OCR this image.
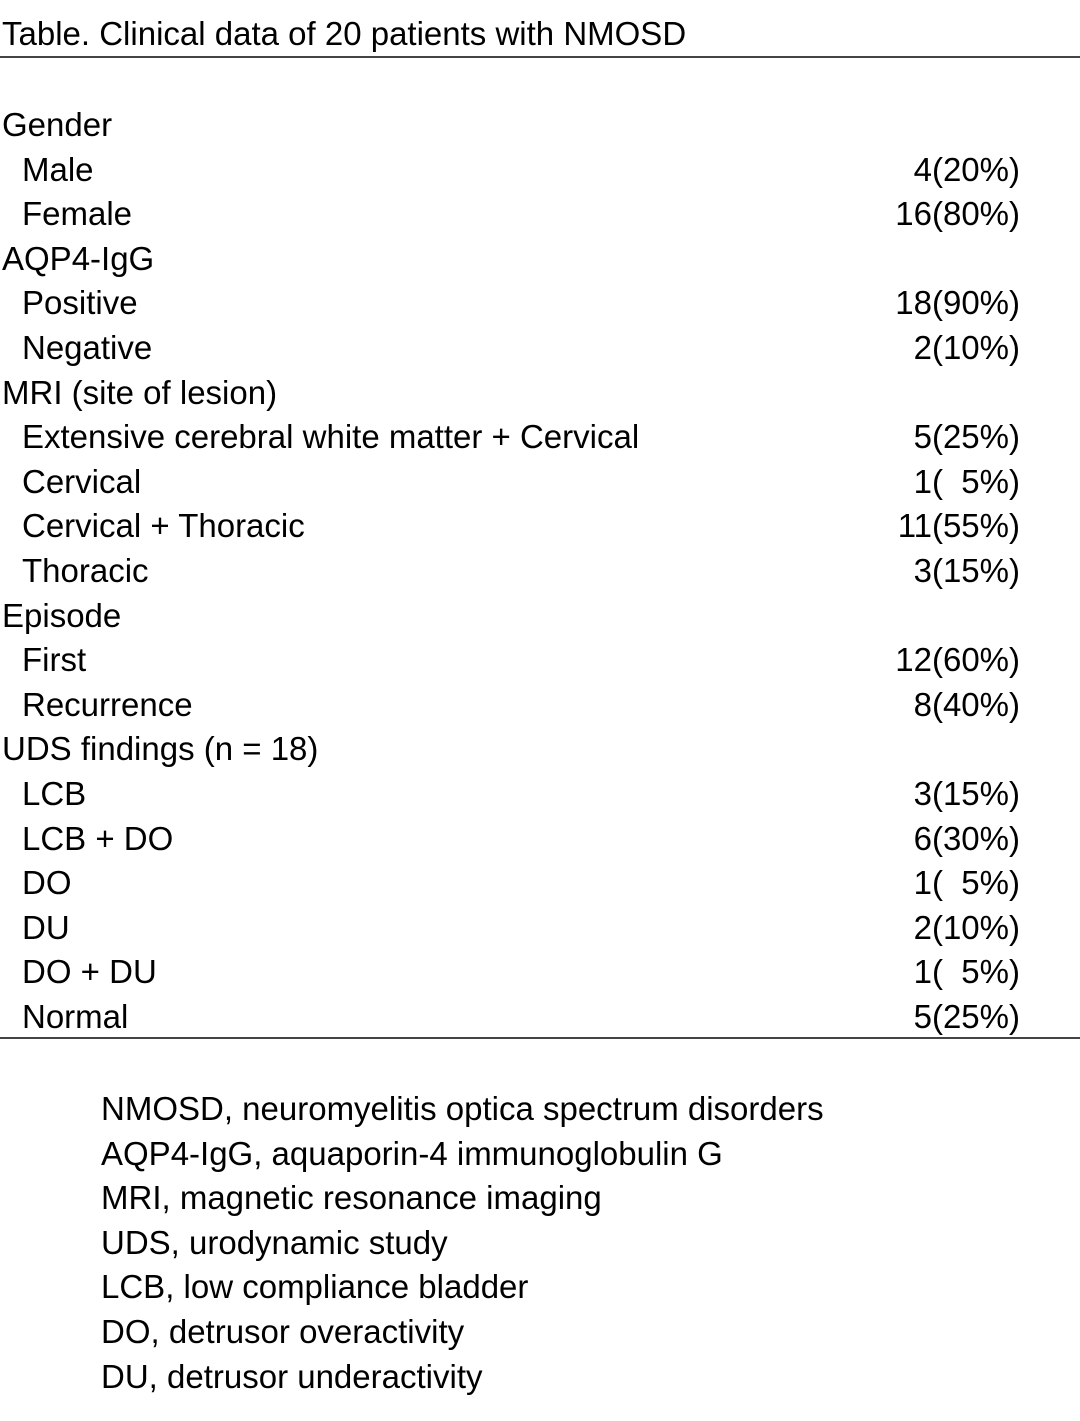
Table. Clinical data of 20 patients with NMOSD
Gender
Male	4(20%)
Female	16(80%)
AQP4-IgG
Positive	18(90%)
Negative	2(10%)
MRI (site of lesion)
Extensive cerebral white matter + Cervical	5(25%)
Cervical	1(  5%)
Cervical + Thoracic	11(55%)
Thoracic	3(15%)
Episode
First	12(60%)
Recurrence	8(40%)
UDS findings (n = 18)
LCB	3(15%)
LCB + DO	6(30%)
DO	1(  5%)
DU	2(10%)
DO + DU	1(  5%)
Normal	5(25%)
NMOSD, neuromyelitis optica spectrum disorders
AQP4-IgG, aquaporin-4 immunoglobulin G
MRI, magnetic resonance imaging
UDS, urodynamic study
LCB, low compliance bladder
DO, detrusor overactivity
DU, detrusor underactivity
